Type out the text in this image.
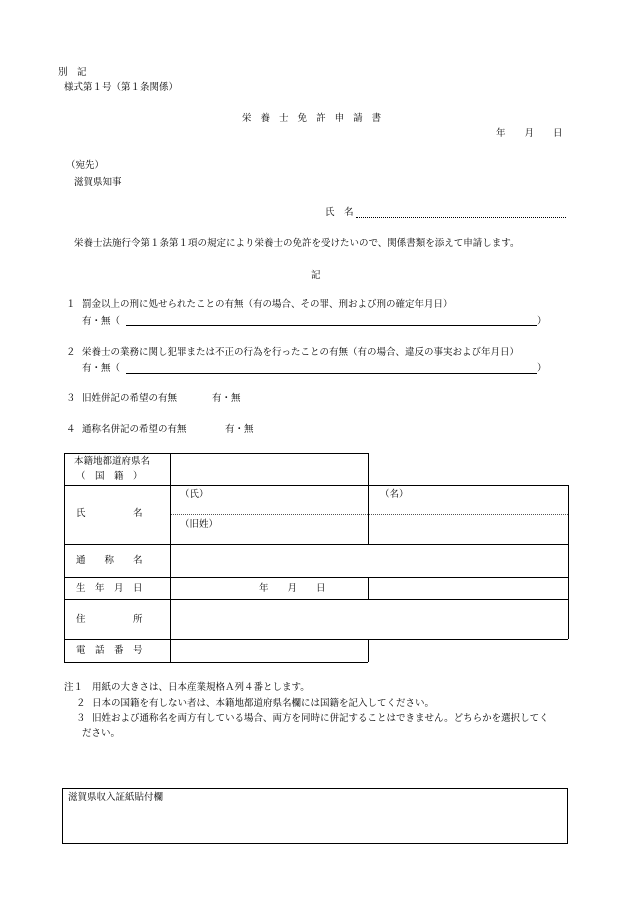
別　記
様式第１号（第１条関係）
栄 養 士 免 許 申 請 書
年　　月　　日
（宛先）
滋賀県知事
氏　名
栄養士法施行令第１条第１項の規定により栄養士の免許を受けたいので、関係書類を添えて申請します。
記
１ 罰金以上の刑に処せられたことの有無（有の場合、その罪、刑および刑の確定年月日）
有・無（	）
２ 栄養士の業務に関し犯罪または不正の行為を行ったことの有無（有の場合、違反の事実および年月日）
有・無（	）
３ 旧姓併記の希望の有無	有・無
４ 通称名併記の希望の有無	有・無
本籍地都道府県名
（　国　籍　）
氏　　　　　名
（氏）	（名）
（旧姓）
通　　称　　名
生　年　月　日	年　　月　　日
住　　　　　所
電　話　番　号
注１ 用紙の大きさは、日本産業規格Ａ列４番とします。
２ 日本の国籍を有しない者は、本籍地都道府県名欄には国籍を記入してください。
３ 旧姓および通称名を両方有している場合、両方を同時に併記することはできません。どちらかを選択してく
ださい。
滋賀県収入証紙貼付欄
